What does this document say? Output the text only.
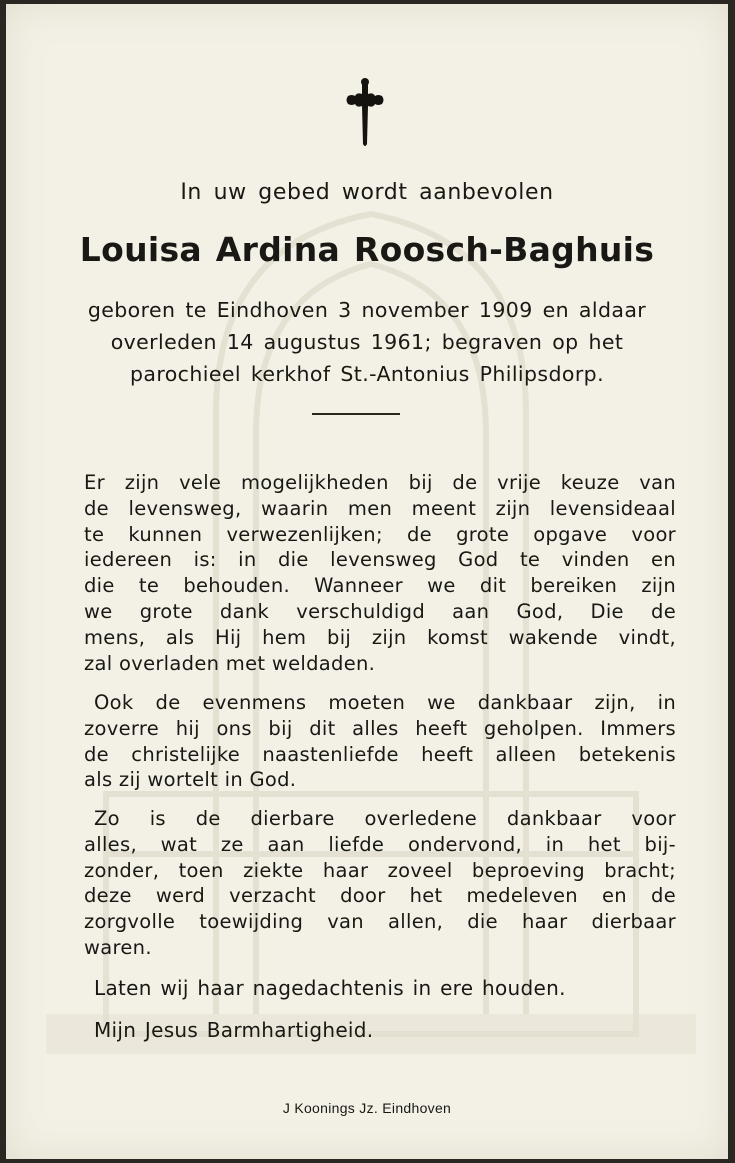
In uw gebed wordt aanbevolen
Louisa Ardina Roosch-Baghuis
geboren te Eindhoven 3 november 1909 en aldaar
overleden 14 augustus 1961; begraven op het
parochieel kerkhof St.-Antonius Philipsdorp.
Er zijn vele mogelijkheden bij de vrije keuze van
de levensweg, waarin men meent zijn levensideaal
te kunnen verwezenlijken; de grote opgave voor
iedereen is: in die levensweg God te vinden en
die te behouden. Wanneer we dit bereiken zijn
we grote dank verschuldigd aan God, Die de
mens, als Hij hem bij zijn komst wakende vindt,
zal overladen met weldaden.
Ook de evenmens moeten we dankbaar zijn, in
zoverre hij ons bij dit alles heeft geholpen. Immers
de christelijke naastenliefde heeft alleen betekenis
als zij wortelt in God.
Zo is de dierbare overledene dankbaar voor
alles, wat ze aan liefde ondervond, in het bij-
zonder, toen ziekte haar zoveel beproeving bracht;
deze werd verzacht door het medeleven en de
zorgvolle toewijding van allen, die haar dierbaar
waren.
Laten wij haar nagedachtenis in ere houden.
Mijn Jesus Barmhartigheid.
J Koonings Jz. Eindhoven
